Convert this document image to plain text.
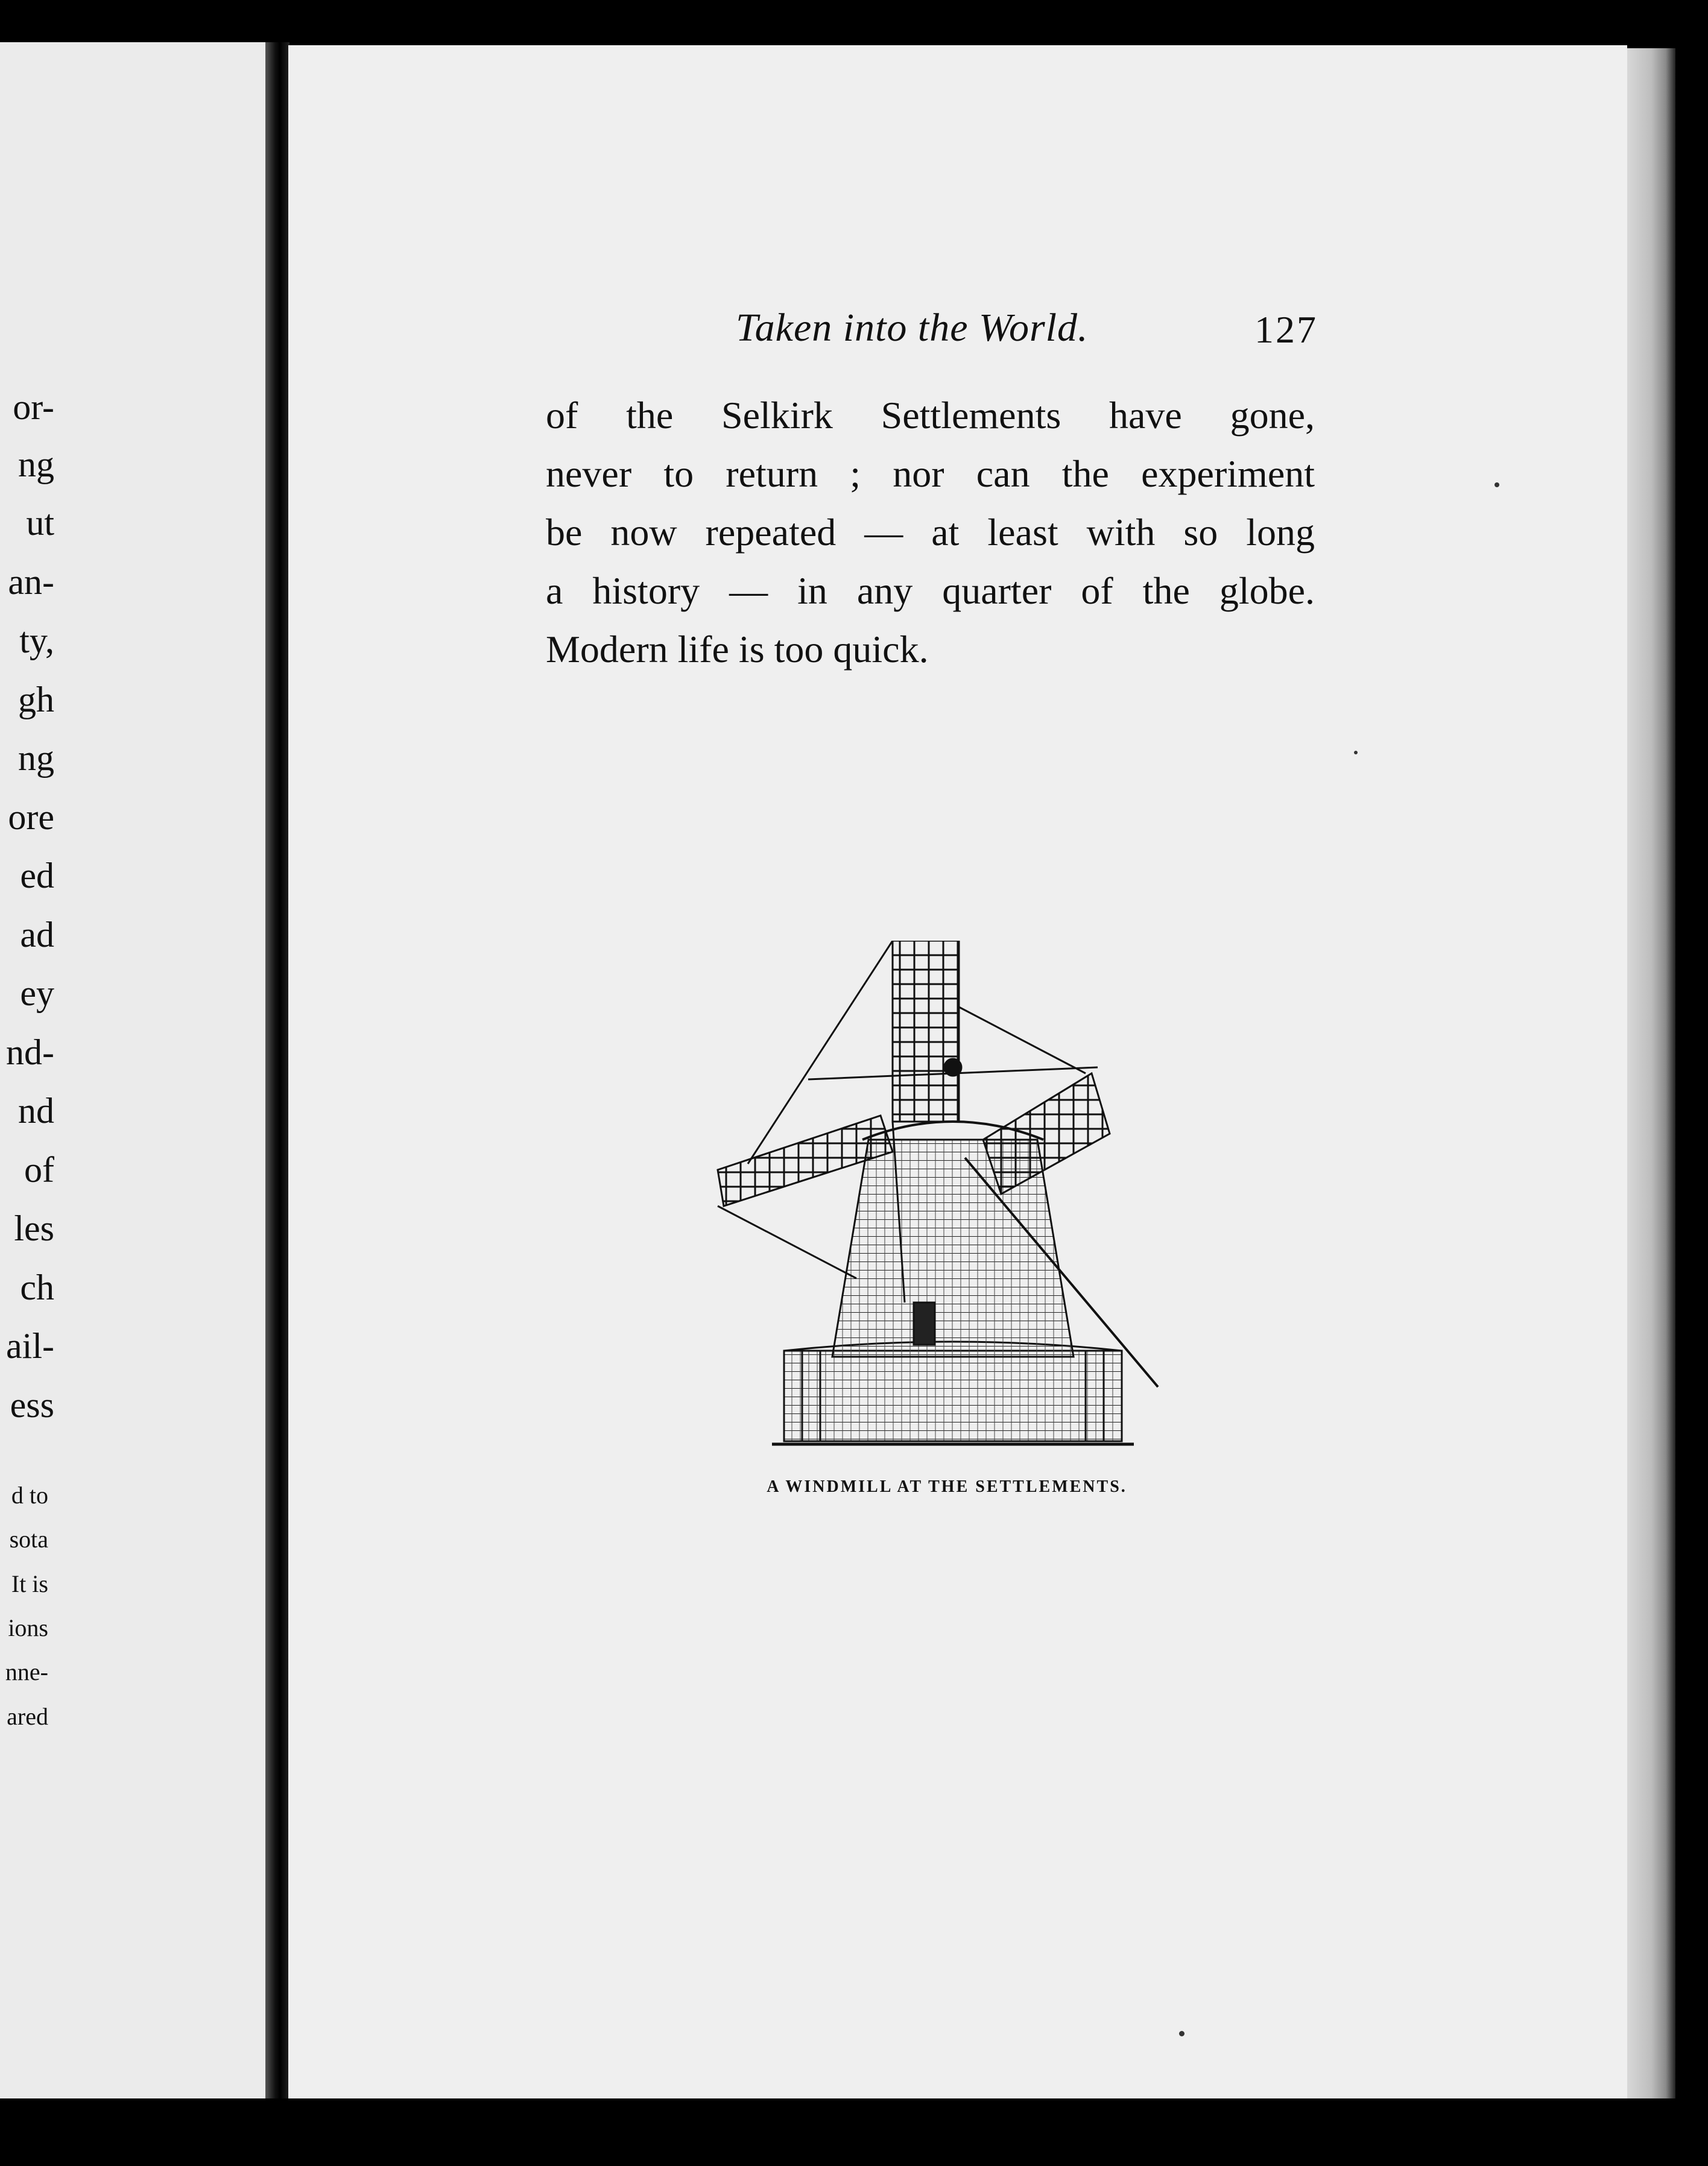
or-
ng
ut
an-
ty,
gh
ng
ore
ed
ad
ey
nd-
nd
of
les
ch
ail-
ess
d to
sota
It is
ions
nne-
ared
Taken into the World.	127
of the Selkirk Settlements have gone,
never to return ; nor can the experiment
be now repeated — at least with so long
a history — in any quarter of the globe.
Modern life is too quick.
A WINDMILL AT THE SETTLEMENTS.
